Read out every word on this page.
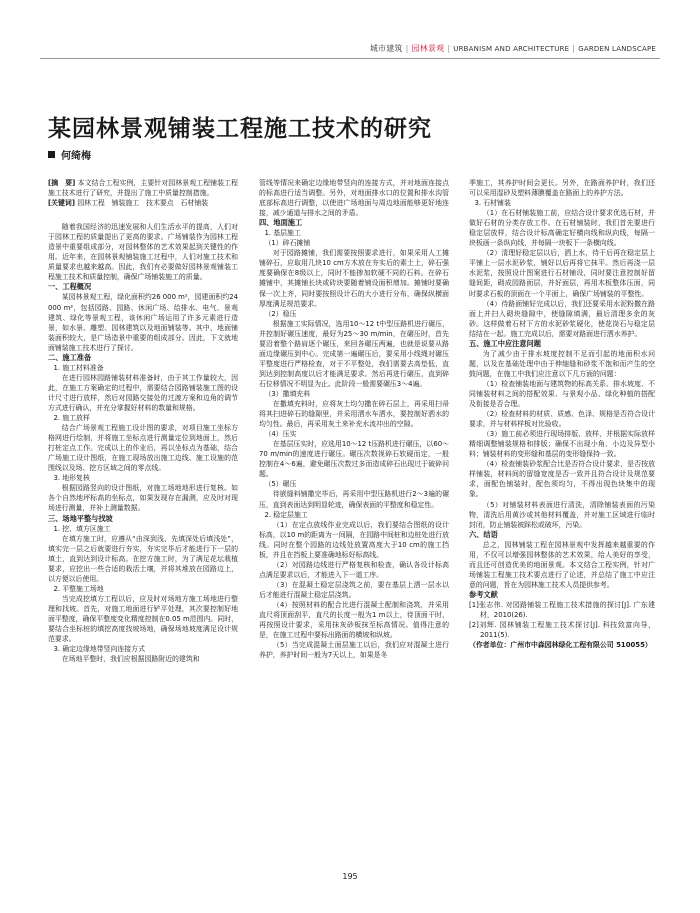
城市建筑 | 园林景观 | URBANISM AND ARCHITECTURE | GARDEN LANDSCAPE
某园林景观铺装工程施工技术的研究
何绮梅

[摘　要] 本文结合工程实例，主要针对园林景观工程铺装工程施工技术进行了研究，并提出了施工中质量控制措施。

[关键词] 园林工程　铺装施工　技术要点　石材铺装

随着我国经济的迅速发展和人们生活水平的提高，人们对于园林工程的质量提出了更高的要求。广场铺装作为园林工程造景中重要组成部分，对园林整体的艺术效果起到关键性的作用。近年来，在园林景观铺装施工过程中，人们对施工技术和质量要求也越来越高。因此，我们有必要做好园林景观铺装工程施工技术和质量控制，确保广场铺装施工的质量。

一、工程概况

某园林景观工程，绿化面积约26 000 m²，园建面积约24 000 m²，包括园路、园路、休闲广场、给排水、电气、景观建筑、绿化等景观工程，该休闲广场运用了许多元素进行造景，如水景、雕塑、园林建筑以及地面铺装等。其中，地面铺装面积较大，是广场造景中重要的组成部分。因此，下文就地面铺装施工技术进行了探讨。

二、施工准备

1. 施工材料准备

在进行园林园路铺装材料准备时，由于其工作量较大，因此，在施工方案确定的过程中，需要结合园路铺装施工图的设计尺寸进行放样，然后对园路交接处的过渡方案和边角的调节方式进行确认，并充分掌握好材料的数量和规格。

2. 施工放样

结合广场景观工程施工设计图的要求，对项目施工坐标方格网进行绘制，并将施工坐标点进行测量定位到地面上，然后打桩定点工作。完成以上的作业后，再以坐标点为基础，结合广场施工设计图纸，在施工现场放出施工边线、施工设施的范围线以及场、挖方区域之间的零点线。

3. 地形复核

根据园路竖向的设计图纸，对施工场地地形进行复核。如各个自然地坪标高的坐标点，如果发现存在漏测，应及时对现场进行测量，并补上测量数据。

三、场地平整与找坡

1. 挖、填方区施工

在填方施工时，应遵从“由深到浅、先填深处后填浅处”，填实完一层之后就要进行夯实，夯实完毕后才能进行下一层的填土，直到达到设计标高。在挖方施工时，为了满足花坛栽植要求，应挖出一些合适的栽活土壤，并将其堆放在园路边上，以方便以后使用。

2. 平整施工场地

当完成挖填方工程以后，应及时对场地方施工场地进行整理和找坡。首先，对施工地面进行铲平处理，其次要控制好地面平整度，确保平整度变化精度控制在0.05 m范围内。同时，要结合坐标桩的填挖高度找坡场地，确保场地坡度满足设计规范要求。

3. 确定边缘地带竖向连接方式

在场地平整时，我们应根据园路附近的建筑和

管线等情况来确定边缘地带竖向的连接方式，并对地面连接点的标高进行适当调整。另外，对地面排水口的位置和排水沟管底部标高进行调整，以使进广场地面与周边地面能够更好地连接，减少通道与排水之间的矛盾。

四、地面施工

1. 基层施工

（1）碎石摊铺

对于园路摊铺，我们需要按照要求进行，如果采用人工摊铺碎石，应取用几块10 cm方木放在夯实后的素土上，碎石强度要确保在8级以上，同时不能掺加软硬不同的石料。在碎石摊铺中，其摊铺长块或砖块要随着铺设面积增加。摊铺时要确保一次上齐，同时要按照设计石的大小进行分布，确保纵横面厚度满足规范要求。

（2）稳压

根据施工实际情况，选用10～12 t中型压路机进行碾压，并控制好碾压速度，最好为25～30 m/min，在碾压时，首先要沿着整个路肩逐个碾压，来回各碾压两遍，也就是说要从路面边缘碾压到中心。完成第一遍碾压后，要采用小线绳对碾压平整度进行严格检查，对于不平整处，我们需要去高垫低，直到达到控制高度以后才能满足要求。然后再进行碾压，直到碎石位移情况不明显为止。此阶段一般需要碾压3～4遍。

（3）撒填充料

在撒填充料时，应将灰土均匀撒在碎石层上，再采用扫帚将其扫进碎石的缝隙里，并采用洒水车洒水，要控制好洒水的均匀性。最后，再采用灰土来补充水流冲出的空隙。

（4）压实

在基层压实时，应选用10～12 t压路机进行碾压，以60～70 m/min的速度进行碾压。碾压次数视碎石软硬而定，一般控制在4～6遍，避免碾压次数过多而造成碎石出现过于破碎问题。

（5）碾压

待嵌缝料铺撒完毕后，再采用中型压路机进行2～3遍的碾压，直到表面达到明显轮迹，确保表面的平整度和稳定性。

2. 稳定层施工

（1）在定点放线作业完成以后，我们要结合图纸的设计标高，以10 m的距离为一间隔，在园路中间桩和边桩处进行放线。同时在整个园路的边线处放置高度大于10 cm的施工挡板，并且在挡板上要准确地标好标高线。

（2）对园路边线进行严格复核和检查，确认各设计标高点满足要求以后，才能进入下一道工序。

（3）在混凝土稳定层浇筑之前，要在基层上洒一层水以后才能进行混凝土稳定层浇筑。

（4）按照材料的配合比进行混凝土配制和浇筑，并采用直尺将顶面刮平，直尺的长度一般为1 m以上，待顶面干时，再按照设计要求，采用抹灰砂板抹至标高情况。值得注意的是，在施工过程中要标出路面的横坡和纵坡。

（5）当完成混凝土面层施工以后，我们应对混凝土进行养护，养护时间一般为7天以上，如果是冬

季施工，其养护时间会更长。另外，在路面养护时，我们还可以采用湿砂及塑料薄膜覆盖在路面上的养护方法。

3. 石材铺装

（1）在石材铺装施工前，应结合设计要求优选石材，并做好石材的分类存放工作。在石材铺装时，我们首先要进行稳定层放样，结合设计标高确定好横向线和纵向线，每隔一块板画一条纵向线，并每隔一块板下一条横向线。

（2）清理好稳定层以后，洒上水，待干后再在稳定层上平铺上一层水泥砂浆，铺好以后再将它抹平。然后再浇一层水泥浆，按照设计图案进行石材铺设，同时要注意控制好留缝间距，砌成园路面层，并好面层，再用木板整体压面，同时要求石板的顶面在一个平面上，确保广场铺装的平整性。

（4）待路面铺好完成以后，我们还要采用水泥粉撒在路面上并扫入砌块缝隙中，使缝隙填满，最后清理多余的灰砂。这样做着石材下方的水泥砂浆硬化，使花岗石与稳定层结结在一起。施工完成以后，需要对路面进行洒水养护。

五、施工中应注意问题

为了减少由于排水坡度控制不足而引起的地面积水问题，以及在基础处理中由于伸缩缝和砂浆不饱和而产生的空鼓问题，在施工中我们应注意以下几方面的问题：

（1）检查铺装地面与建筑物的标高关系、排水坡度、不同铺装材料之间的搭配效果、与景观小品、绿化种植的搭配及衔接是否合理。

（2）检查材料的材质、质感、色泽、规格是否符合设计要求，并与材料样板对比验收。

（3）施工前必须进行现场排版、放样，并根据实际放样精细调整铺装规格和排版；确保不出现小角、小边及异型小料；铺装材料的变形缝和基层的变形缝保持一致。

（4）检查铺装砂浆配合比是否符合设计要求，是否按放样铺装，材料间的留缝宽度是否一致并且符合设计及规范要求，面配色铺装时，配色须均匀，不得出现色块集中的现象。

（5）对铺装材料表面进行清洗，清除铺装表面的污染物，清洗后用黄沙或其他材料覆盖，并对施工区域进行临时封闭，防止铺装被踩松或破坏，污染。

六、结语

总之，园林铺装工程在园林景观中发挥越来越重要的作用，不仅可以增强园林整体的艺术效果，给人美好的享受，而且还可创造优美的地面景观。本文结合工程实例，针对广场铺装工程施工技术要点进行了论述，并总结了施工中应注意的问题，旨在为园林施工技术人员提供参考。

参考文献

[1]张志伟. 对园路铺装工程施工技术措施的探讨[J]. 广东建材，2010(26).

[2]刘辉. 园林铺装工程施工技术探讨[J]. 科技致富向导，2011(5).

（作者单位：广州市中森园林绿化工程有限公司 510055）

195
